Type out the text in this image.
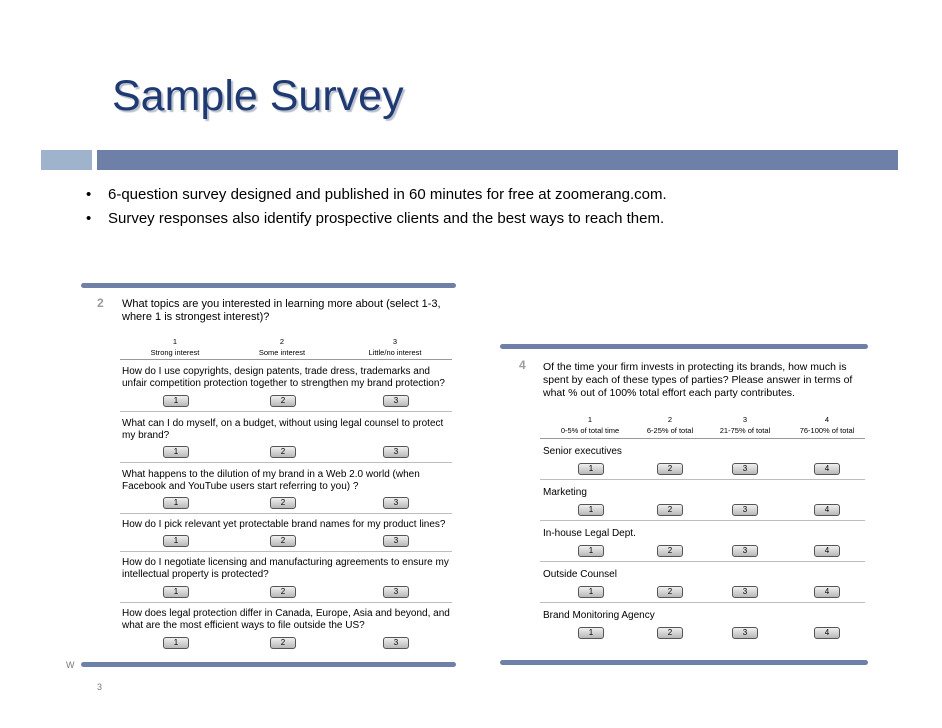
Sample Survey
• 6-question survey designed and published in 60 minutes for free at zoomerang.com.
• Survey responses also identify prospective clients and the best ways to reach them.
W
3
2 What topics are you interested in learning more about (select 1-3, where 1 is strongest interest)?
1	2	3
Strong interest	Some interest	Little/no interest
How do I use copyrights, design patents, trade dress, trademarks and unfair competition protection together to strengthen my brand protection?
1	2	3
What can I do myself, on a budget, without using legal counsel to protect my brand?
1	2	3
What happens to the dilution of my brand in a Web 2.0 world (when Facebook and YouTube users start referring to you) ?
1	2	3
How do I pick relevant yet protectable brand names for my product lines?
1	2	3
How do I negotiate licensing and manufacturing agreements to ensure my intellectual property is protected?
1	2	3
How does legal protection differ in Canada, Europe, Asia and beyond, and what are the most efficient ways to file outside the US?
1	2	3
4 Of the time your firm invests in protecting its brands, how much is spent by each of these types of parties? Please answer in terms of what % out of 100% total effort each party contributes.
1	2	3	4
0-5% of total time	6-25% of total	21-75% of total	76-100% of total
Senior executives
1	2	3	4
Marketing
1	2	3	4
In-house Legal Dept.
1	2	3	4
Outside Counsel
1	2	3	4
Brand Monitoring Agency
1	2	3	4
